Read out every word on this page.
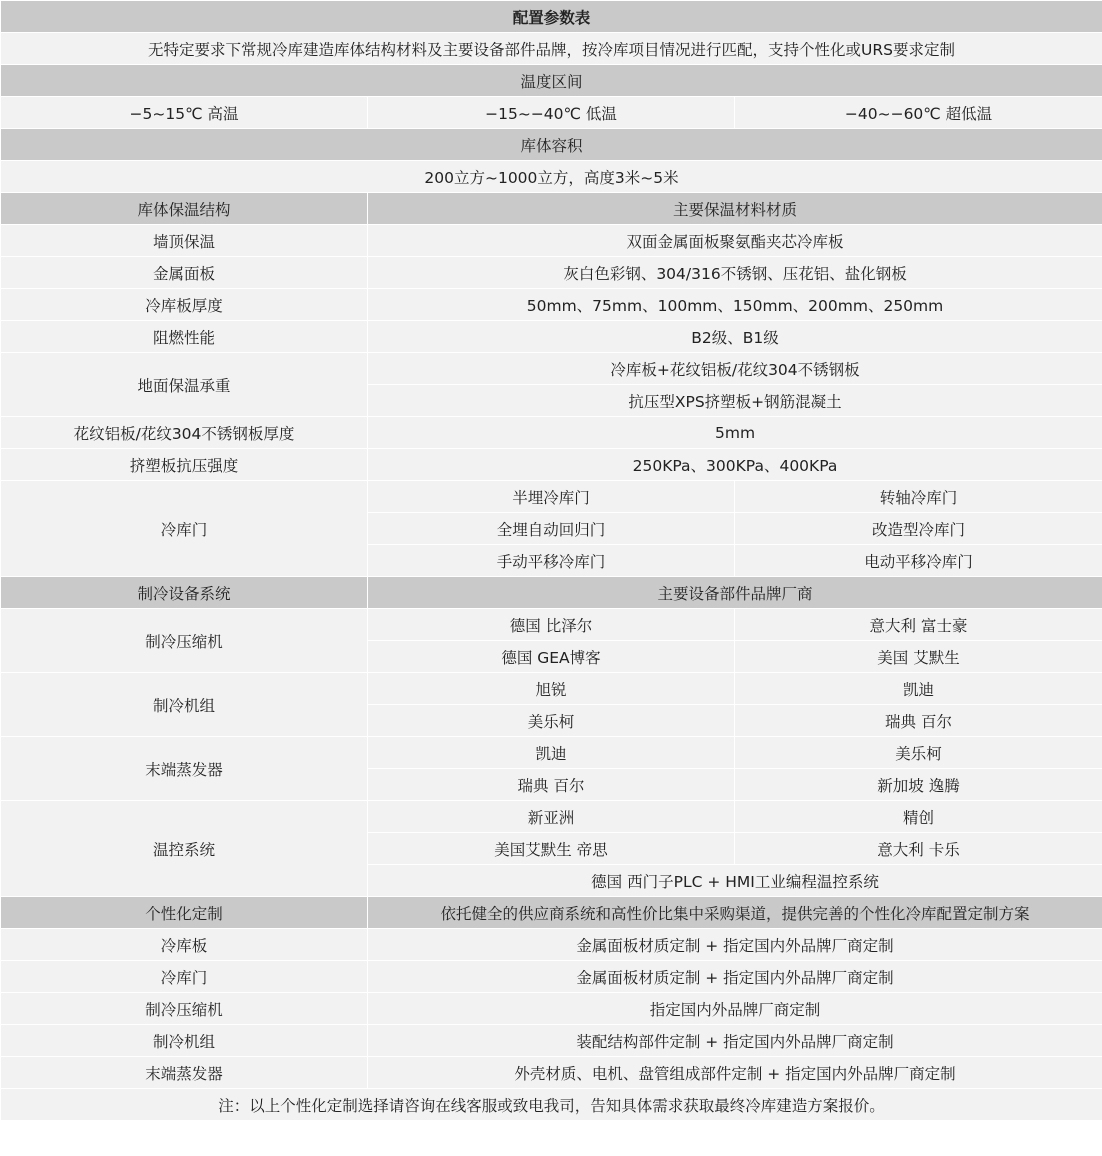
配置参数表		
无特定要求下常规冷库建造库体结构材料及主要设备部件品牌，按冷库项目情况进行匹配，支持个性化或URS要求定制		
温度区间		
−5~15℃ 高温	−15~−40℃ 低温	−40~−60℃ 超低温
库体容积		
200立方~1000立方，高度3米~5米		
库体保温结构	主要保温材料材质	
墙顶保温	双面金属面板聚氨酯夹芯冷库板	
金属面板	灰白色彩钢、304/316不锈钢、压花铝、盐化钢板	
冷库板厚度	50mm、75mm、100mm、150mm、200mm、250mm	
阻燃性能	B2级、B1级	
地面保温承重	冷库板+花纹铝板/花纹304不锈钢板	
	抗压型XPS挤塑板+钢筋混凝土	
花纹铝板/花纹304不锈钢板厚度	5mm	
挤塑板抗压强度	250KPa、300KPa、400KPa	
冷库门	半埋冷库门	转轴冷库门
	全埋自动回归门	改造型冷库门
	手动平移冷库门	电动平移冷库门
制冷设备系统	主要设备部件品牌厂商	
制冷压缩机	德国 比泽尔	意大利 富士豪
	德国 GEA博客	美国 艾默生
制冷机组	旭锐	凯迪
	美乐柯	瑞典 百尔
末端蒸发器	凯迪	美乐柯
	瑞典 百尔	新加坡 逸腾
温控系统	新亚洲	精创
	美国艾默生 帝思	意大利 卡乐
	德国 西门子PLC + HMI工业编程温控系统	
个性化定制	依托健全的供应商系统和高性价比集中采购渠道，提供完善的个性化冷库配置定制方案	
冷库板	金属面板材质定制 + 指定国内外品牌厂商定制	
冷库门	金属面板材质定制 + 指定国内外品牌厂商定制	
制冷压缩机	指定国内外品牌厂商定制	
制冷机组	装配结构部件定制 + 指定国内外品牌厂商定制	
末端蒸发器	外壳材质、电机、盘管组成部件定制 + 指定国内外品牌厂商定制	
注：以上个性化定制选择请咨询在线客服或致电我司，告知具体需求获取最终冷库建造方案报价。		
